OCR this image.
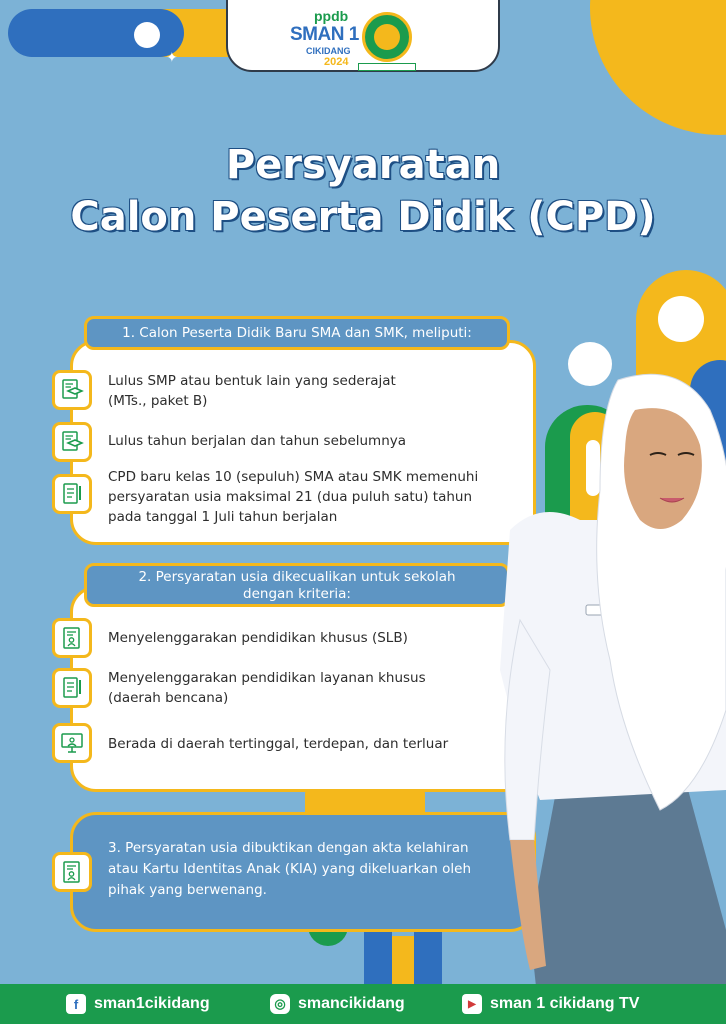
✦
ppdb
SMAN 1
CIKIDANG
2024
Persyaratan
Calon Peserta Didik (CPD)
1. Calon Peserta Didik Baru SMA dan SMK, meliputi:
Lulus SMP atau bentuk lain yang sederajat
(MTs., paket B)
Lulus tahun berjalan dan tahun sebelumnya
CPD baru kelas 10 (sepuluh) SMA atau SMK memenuhi
persyaratan usia maksimal 21 (dua puluh satu) tahun
pada tanggal 1 Juli tahun berjalan
2. Persyaratan usia dikecualikan untuk sekolah
dengan kriteria:
Menyelenggarakan pendidikan khusus (SLB)
Menyelenggarakan pendidikan layanan khusus
(daerah bencana)
Berada di daerah tertinggal, terdepan, dan terluar
3. Persyaratan usia dibuktikan dengan akta kelahiran
atau Kartu Identitas Anak (KIA) yang dikeluarkan oleh
pihak yang berwenang.
f sman1cikidang	◎ smancikidang	▶ sman 1 cikidang TV
